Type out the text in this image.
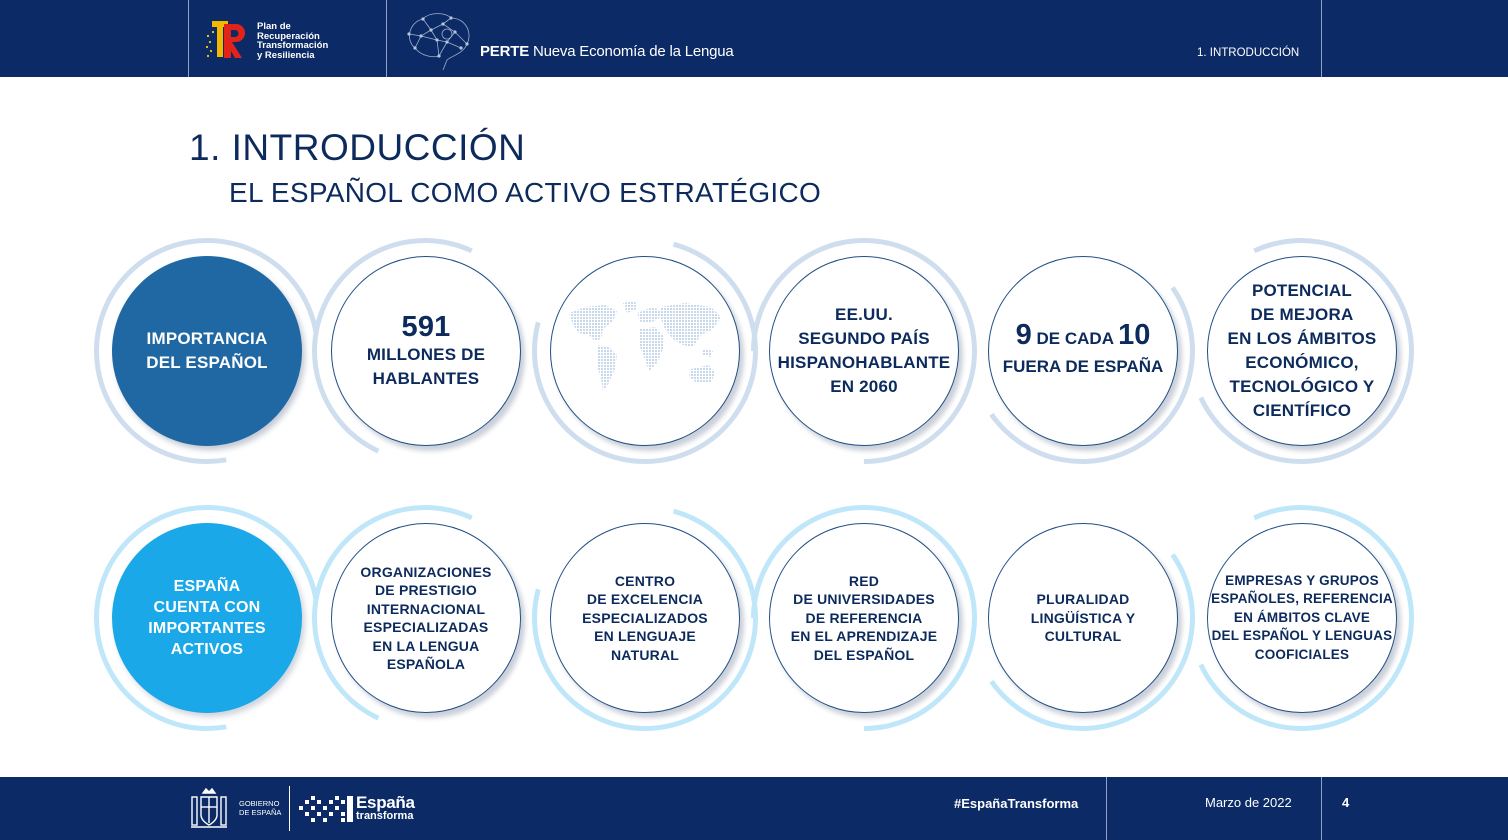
Plan de
Recuperación
Transformación
y Resiliencia	PERTE Nueva Economía de la Lengua	1. INTRODUCCIÓN
1. INTRODUCCIÓN
EL ESPAÑOL COMO ACTIVO ESTRATÉGICO
IMPORTANCIA
DEL ESPAÑOL
591
MILLONES DE
HABLANTES
EE.UU.
SEGUNDO PAÍS
HISPANOHABLANTE
EN 2060
9 DE CADA 10
FUERA DE ESPAÑA
POTENCIAL
DE MEJORA
EN LOS ÁMBITOS
ECONÓMICO,
TECNOLÓGICO Y
CIENTÍFICO
ESPAÑA
CUENTA CON
IMPORTANTES
ACTIVOS
ORGANIZACIONES
DE PRESTIGIO
INTERNACIONAL
ESPECIALIZADAS
EN LA LENGUA
ESPAÑOLA
CENTRO
DE EXCELENCIA
ESPECIALIZADOS
EN LENGUAJE
NATURAL
RED
DE UNIVERSIDADES
DE REFERENCIA
EN EL APRENDIZAJE
DEL ESPAÑOL
PLURALIDAD
LINGÜÍSTICA Y
CULTURAL
EMPRESAS Y GRUPOS
ESPAÑOLES, REFERENCIA
EN ÁMBITOS CLAVE
DEL ESPAÑOL Y LENGUAS
COOFICIALES
GOBIERNO
DE ESPAÑA	España
transforma
#EspañaTransforma	Marzo de 2022	4
